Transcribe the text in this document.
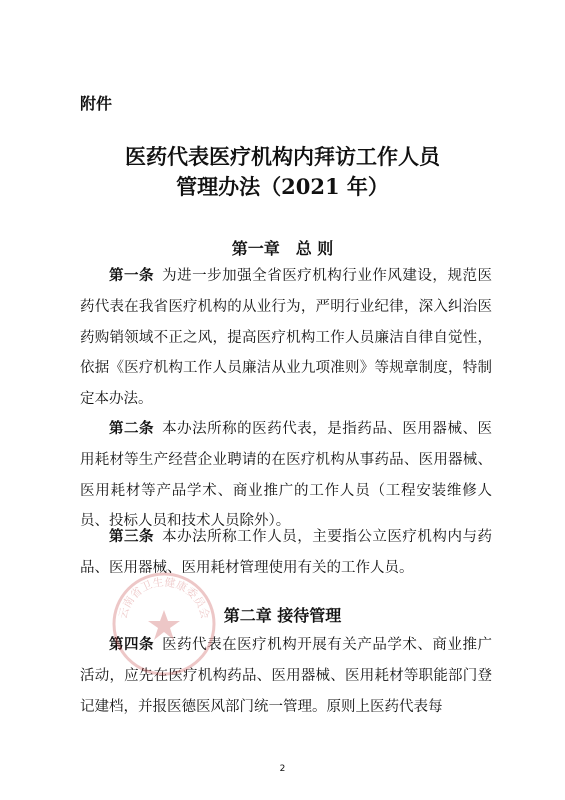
附件
医药代表医疗机构内拜访工作人员
管理办法（2021 年）
第一章　总 则

第一条 为进一步加强全省医疗机构行业作风建设，规范医药代表在我省医疗机构的从业行为，严明行业纪律，深入纠治医药购销领域不正之风，提高医疗机构工作人员廉洁自律自觉性，依据《医疗机构工作人员廉洁从业九项准则》等规章制度，特制定本办法。

第二条 本办法所称的医药代表，是指药品、医用器械、医用耗材等生产经营企业聘请的在医疗机构从事药品、医用器械、医用耗材等产品学术、商业推广的工作人员（工程安装维修人员、投标人员和技术人员除外）。

第三条 本办法所称工作人员，主要指公立医疗机构内与药品、医用器械、医用耗材管理使用有关的工作人员。

第二章 接待管理

第四条 医药代表在医疗机构开展有关产品学术、商业推广活动，应先在医疗机构药品、医用器械、医用耗材等职能部门登记建档，并报医德医风部门统一管理。原则上医药代表每

云南省卫生健康委员会
2
